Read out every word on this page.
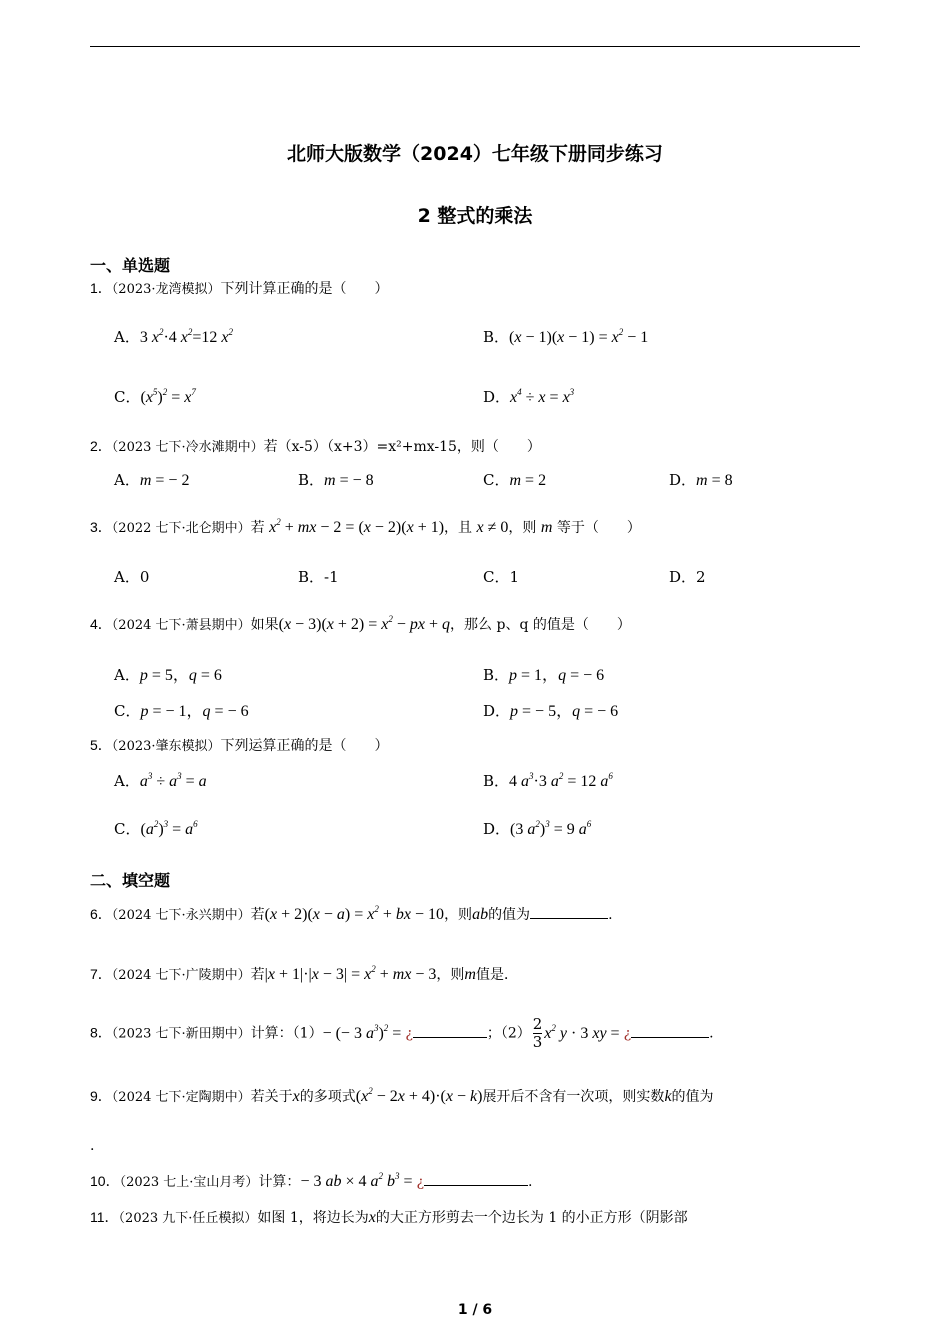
北师大版数学（2024）七年级下册同步练习
2 整式的乘法
一、单选题
1．（2023·龙湾模拟）下列计算正确的是（　　）
A．3 $x^2\cdot 4$ $x^2=12$ $x^2$	B．$(x - 1)(x - 1) = x^2 - 1$
C．$(x^5)^2 = x^7$	D．$x^4 \div x = x^3$
2．（2023 七下·冷水滩期中）若（x-5）（x+3）=x²+mx-15，则（　　）
A．m = − 2	B．m = − 8	C．m = 2	D．m = 8
3．（2022 七下·北仑期中）若 $x^2$ + mx − 2 = (x − 2)(x + 1)，且 x ≠ 0，则 m 等于（　　）
A．0	B．-1	C．1	D．2
4．（2024 七下·萧县期中）如果$(x - 3)(x + 2) = x^2$ − px + q，那么 p、q 的值是（　　）
A．p = 5，q = 6	B．p = 1，q = − 6
C．p = − 1，q = − 6	D．p = − 5，q = − 6
5．（2023·肇东模拟）下列运算正确的是（　　）
A．$a^3 \div a^3 = a$	B．4 $a^3\cdot 3$ $a^2 = 12$ $a^6$
C．$(a^2)^3 = a^6$	D．(3 $a^2)^3 = 9$ $a^6$
二、填空题
6．（2024 七下·永兴期中）若$(x + 2)(x - a) = x^2$ + bx − 10，则ab的值为	.
7．（2024 七下·广陵期中）若$|x + 1|\cdot|x - 3| = x^2$ + mx − 3，则m值是．
8．（2023 七下·新田期中）计算：（1）− (− 3 $a^3)^2$ = ¿	；$(2) \frac{2}{3} x^2$ y · 3 xy = ¿	.
9．（2024 七下·定陶期中）若关于x的多项式$(x^2 - 2x + 4)\cdot(x - k)$展开后不含有一次项，则实数k的值为
.
10．（2023 七上·宝山月考）计算：− 3 ab × 4 $a^2$ $b^3$ = ¿	.
11．（2023 九下·任丘模拟）如图 1，将边长为x的大正方形剪去一个边长为 1 的小正方形（阴影部
1 / 6
